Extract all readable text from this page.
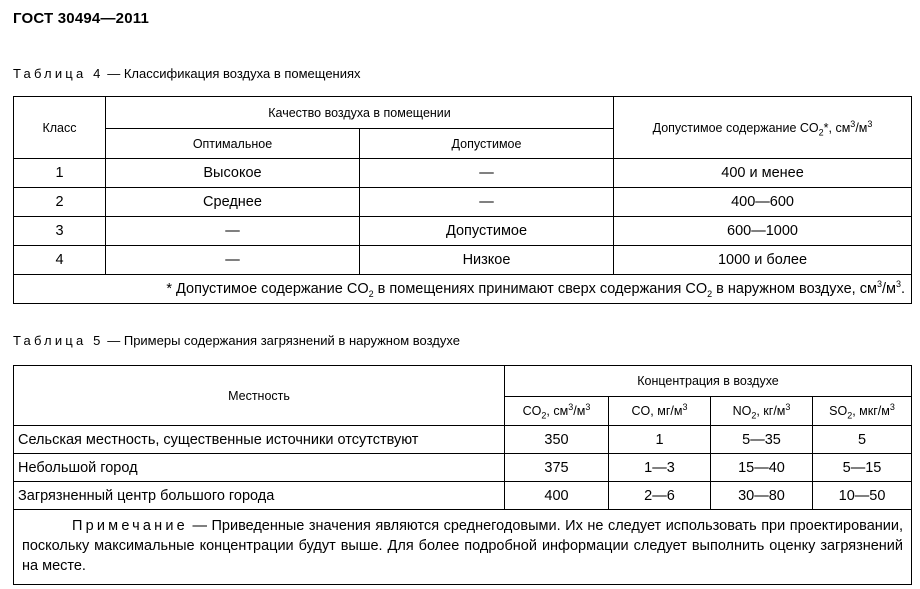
ГОСТ 30494—2011
Таблица 4 — Классификация воздуха в помещениях
Класс	Качество воздуха в помещении		Допустимое содержание $CO_2*$, $см^3/м^3$
	Оптимальное	Допустимое	
1	Высокое	—	400 и менее
2	Среднее	—	400—600
3	—	Допустимое	600—1000
4	—	Низкое	1000 и более
* Допустимое содержание $CO_2$ в помещениях принимают сверх содержания $CO_2$ в наружном воздухе, $см^3/м^3$.			
Таблица 5 — Примеры содержания загрязнений в наружном воздухе
Местность	Концентрация в воздухе			
	$CO_2$, $см^3/м^3$	CO, $мг/м^3$	$NO_2$, $кг/м^3$	$SO_2$, мкг/$м^3$
Сельская местность, существенные источники отсутствуют	350	1	5—35	5
Небольшой город	375	1—3	15—40	5—15
Загрязненный центр большого города	400	2—6	30—80	10—50
Примечание — Приведенные значения являются среднегодовыми. Их не следует использовать при проектировании, поскольку максимальные концентрации будут выше. Для более подробной информации следует выполнить оценку загрязнений на месте.				
